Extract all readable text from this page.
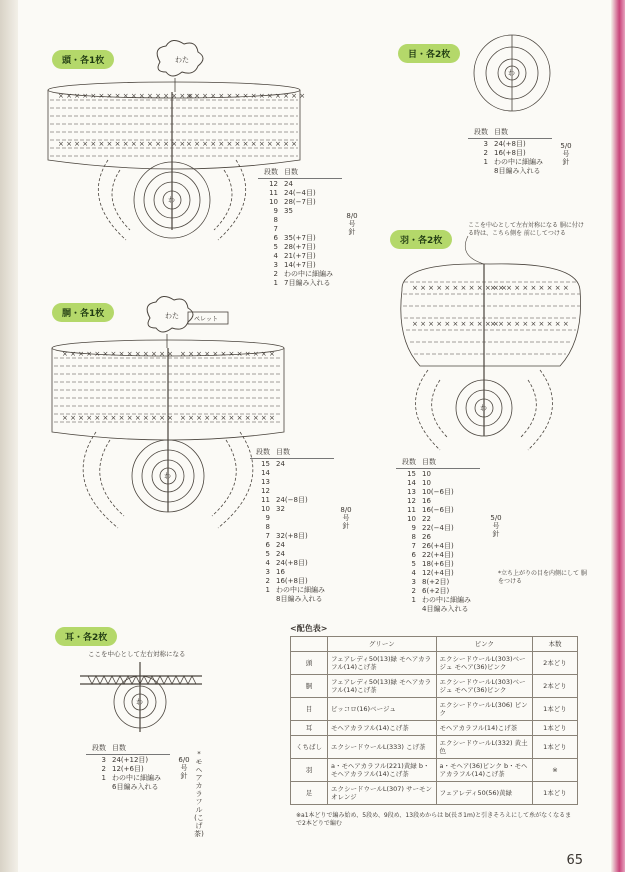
頭・各1枚
胴・各1枚
目・各2枚
羽・各2枚
耳・各2枚
× × × × × × × × × × × × × × × × ×
× × × × × × × × × × × × × × ×
× × × × × × × × × × × × × × × × × × × × × × × × × × × × × ×
× × × × × × × × × × × × × × × × × × × × × × × × × ×
× × × × × × × × × × × × × × × × × × × × × × × × × ×
× × × × × × × × × × × ×
× × × × × × × × × ×
× × × × × × × × × × ×
× × × × × × × × × ×
わた
わ
わた	ペレット
わ
わ
わ
わ
段数 目数
12 24
11 24(−4目)
10 28(−7目)
9 35
8
7
6 35(+7目)
5 28(+7目)
4 21(+7目)
3 14(+7目)
2 わの中に細編み
1 7目編み入れる
8/0号針
段数 目数
15 24
14
13
12
11 24(−8目)
10 32
9
8
7 32(+8目)
6 24
5 24
4 24(+8目)
3 16
2 16(+8目)
1 わの中に細編み
8目編み入れる
8/0号針
段数 目数
3 24(+8目)
2 16(+8目)
1 わの中に細編み
8目編み入れる
5/0号針
ここを中心として左右対称になる 胴に付ける時は、こちら側を 前にしてつける
段数 目数
15 10
14 10
13 10(−6目)
12 16
11 16(−6目)
10 22
9 22(−4目)
8 26
7 26(+4目)
6 22(+4目)
5 18(+6目)
4 12(+4目)
3 8(+2目)
2 6(+2目)
1 わの中に細編み
4目編み入れる
5/0号針
*立ち上がりの目を内側にして 胴をつける
ここを中心として左右対称になる
段数 目数
3 24(+12目)
2 12(+6目)
1 わの中に細編み
6目編み入れる
6/0号針
*モヘアカラフル(こげ茶)
<配色表>
	グリーン	ピンク	本数
頭	フェアレディ50(13)緑 モヘアカラフル(14)こげ茶	エクシードウールL(303)ベージュ モヘア(36)ピンク	2本どり
胴	フェアレディ50(13)緑 モヘアカラフル(14)こげ茶	エクシードウールL(303)ベージュ モヘア(36)ピンク	2本どり
目	ピッコロ(16)ベージュ	エクシードウールL(306) ピンク	1本どり
耳	モヘアカラフル(14)こげ茶	モヘアカラフル(14)こげ茶	1本どり
くちばし	エクシードウールL(333) こげ茶	エクシードウールL(332) 黄土色	1本どり
羽	a・モヘアカラフル(221)黄緑 b・モヘアカラフル(14)こげ茶	a・モヘア(36)ピンク b・モヘアカラフル(14)こげ茶	※
足	エクシードウールL(307) サーモンオレンジ	フェアレディ50(56)黄緑	1本どり
※a1本どりで編み始め、5段め、9段め、13段めからは b(長さ1m)と引きそろえにして糸がなくなるまで2本どりで編む
65
